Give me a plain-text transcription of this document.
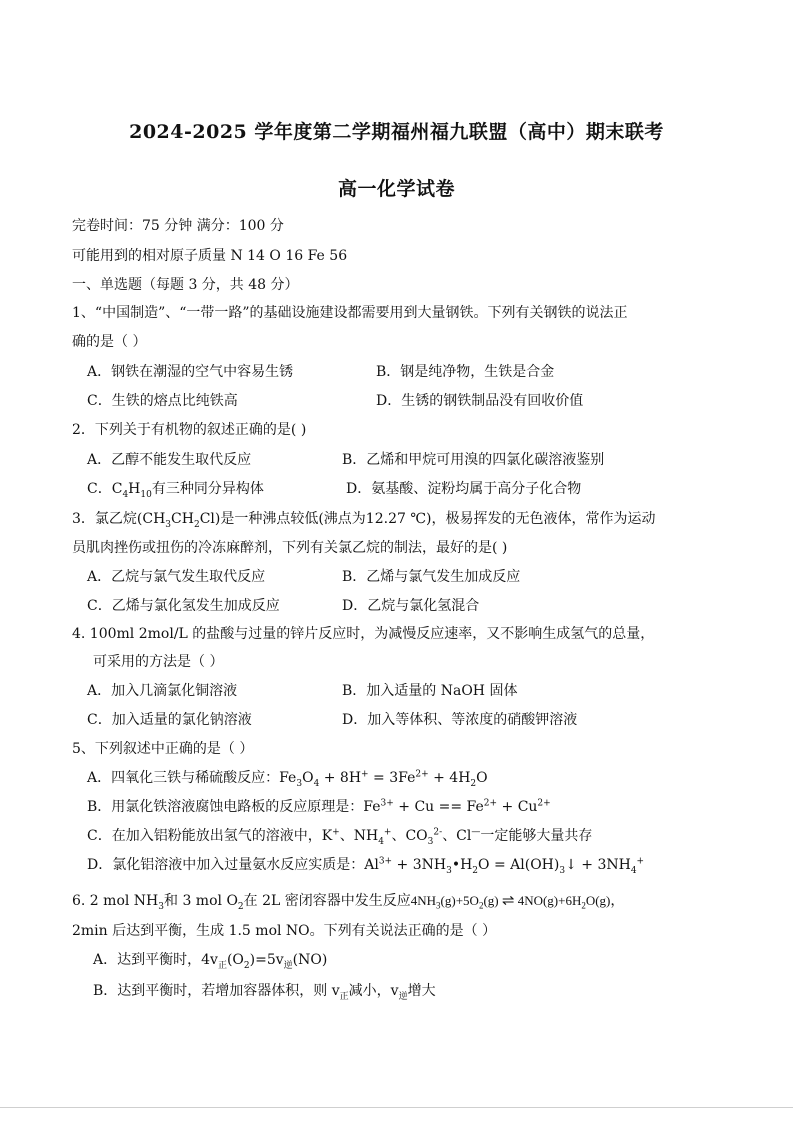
2024-2025 学年度第二学期福州福九联盟（高中）期末联考
高一化学试卷
完卷时间：75 分钟 满分：100 分
可能用到的相对原子质量 N 14 O 16 Fe 56
一、单选题（每题 3 分，共 48 分）
1、“中国制造”、“一带一路”的基础设施建设都需要用到大量钢铁。下列有关钢铁的说法正
确的是（ ）
A．钢铁在潮湿的空气中容易生锈	B．钢是纯净物，生铁是合金
C．生铁的熔点比纯铁高	D．生锈的钢铁制品没有回收价值
2．下列关于有机物的叙述正确的是( )
A．乙醇不能发生取代反应	B．乙烯和甲烷可用溴的四氯化碳溶液鉴别
C．$C_4H_{10}$有三种同分异构体	D．氨基酸、淀粉均属于高分子化合物
3．氯乙烷$(CH_3CH_2Cl)$是一种沸点较低(沸点为12.27 ℃)，极易挥发的无色液体，常作为运动
员肌肉挫伤或扭伤的冷冻麻醉剂，下列有关氯乙烷的制法，最好的是( )
A．乙烷与氯气发生取代反应	B．乙烯与氯气发生加成反应
C．乙烯与氯化氢发生加成反应	D．乙烷与氯化氢混合
4. 100ml 2mol/L 的盐酸与过量的锌片反应时，为减慢反应速率，又不影响生成氢气的总量，
可采用的方法是（ ）
A．加入几滴氯化铜溶液	B．加入适量的 NaOH 固体
C．加入适量的氯化钠溶液	D．加入等体积、等浓度的硝酸钾溶液
5、下列叙述中正确的是（ ）
A．四氧化三铁与稀硫酸反应：$Fe_3O_4 + 8H^+ = 3Fe^{2+} + 4H_2O$
B．用氯化铁溶液腐蚀电路板的反应原理是：$Fe^{3+} + Cu == Fe^{2+} + Cu^{2+}$
C．在加入铝粉能放出氢气的溶液中，K+、$NH_4^+$、$CO_3^{2-}$、Cl—一定能够大量共存
D．氯化铝溶液中加入过量氨水反应实质是：$Al^{3+}$ + $3NH_3•H_2O$ = $Al(OH)_3↓ + 3NH_4^+$
6. 2 mol $NH_3$和 3 mol $O_2$在 2L 密闭容器中发生反应$4NH_3(g)+5O_2(g)$ ⇌ $4NO(g)+6H_2O(g)$，
2min 后达到平衡，生成 1.5 mol NO。下列有关说法正确的是（ ）
A．达到平衡时，$4v_正(O_2)=5v_逆(NO)$
B．达到平衡时，若增加容器体积，则 $v_正$减小，$v_逆$增大
